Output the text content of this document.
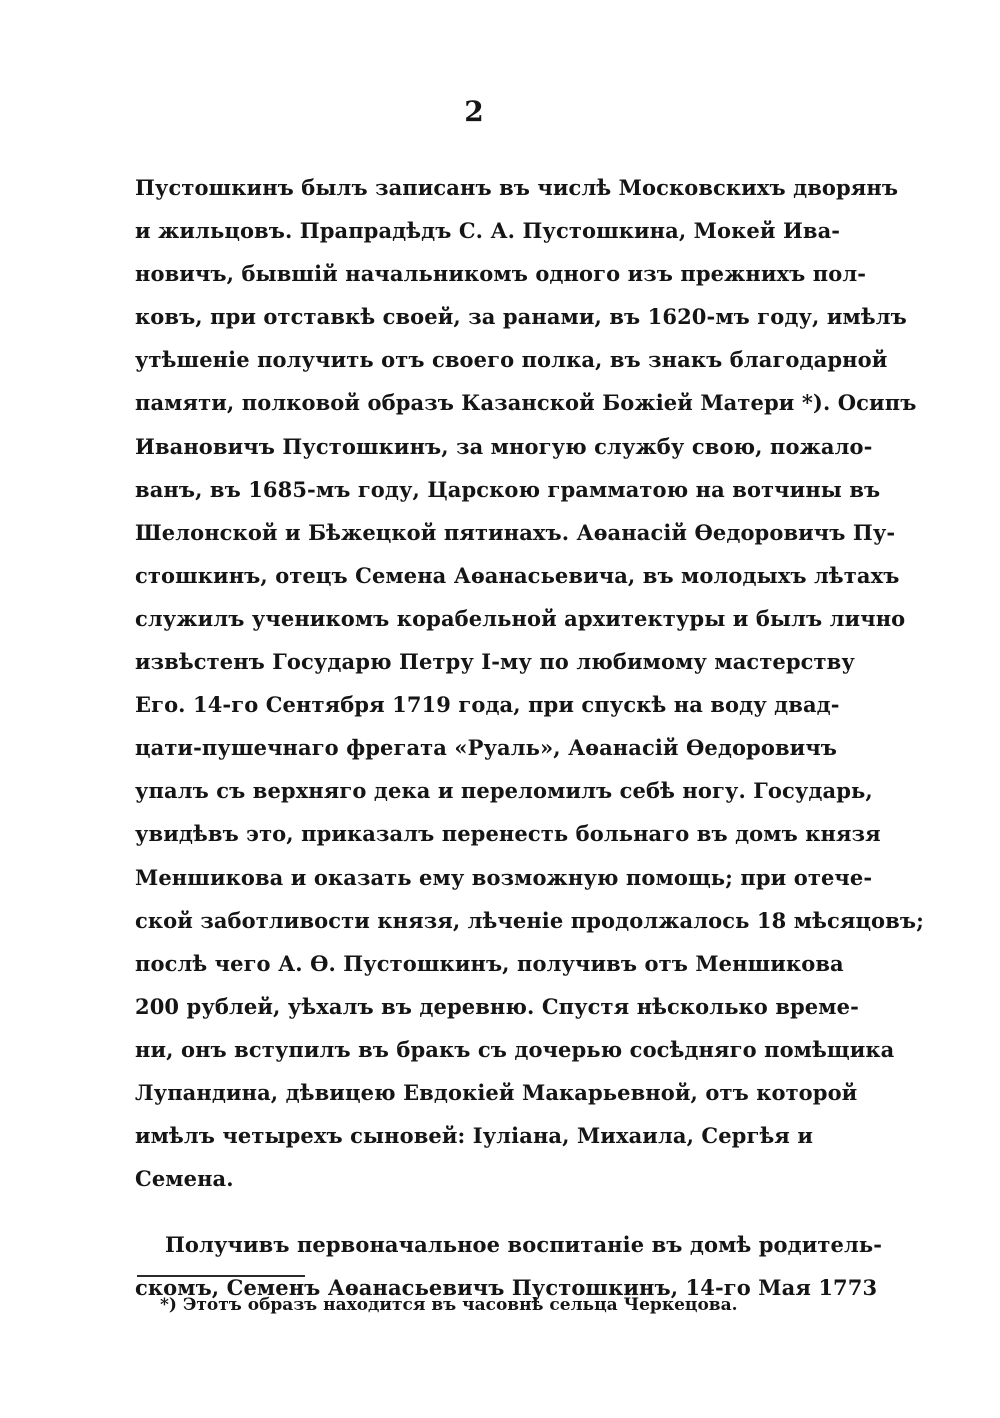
2
Пустошкинъ былъ записанъ въ числѣ Московскихъ дворянъ
и жильцовъ. Прапрадѣдъ С. А. Пустошкина, Мокей Ива-
новичъ, бывшій начальникомъ одного изъ прежнихъ пол-
ковъ, при отставкѣ своей, за ранами, въ 1620-мъ году, имѣлъ
утѣшеніе получить отъ своего полка, въ знакъ благодарной
памяти, полковой образъ Казанской Божіей Матери *). Осипъ
Ивановичъ Пустошкинъ, за многую службу свою, пожало-
ванъ, въ 1685-мъ году, Царскою грамматою на вотчины въ
Шелонской и Бѣжецкой пятинахъ. Аѳанасій Ѳедоровичъ Пу-
стошкинъ, отецъ Семена Аѳанасьевича, въ молодыхъ лѣтахъ
служилъ ученикомъ корабельной архитектуры и былъ лично
извѣстенъ Государю Петру I-му по любимому мастерству
Его. 14-го Сентября 1719 года, при спускѣ на воду двад-
цати-пушечнаго фрегата «Руаль», Аѳанасій Ѳедоровичъ
упалъ съ верхняго дека и переломилъ себѣ ногу. Государь,
увидѣвъ это, приказалъ перенесть больнаго въ домъ князя
Меншикова и оказать ему возможную помощь; при отече-
ской заботливости князя, лѣченіе продолжалось 18 мѣсяцовъ;
послѣ чего А. Ѳ. Пустошкинъ, получивъ отъ Меншикова
200 рублей, уѣхалъ въ деревню. Спустя нѣсколько време-
ни, онъ вступилъ въ бракъ съ дочерью сосѣдняго помѣщика
Лупандина, дѣвицею Евдокіей Макарьевной, отъ которой
имѣлъ четырехъ сыновей: Іуліана, Михаила, Сергѣя и
Семена.
Получивъ первоначальное воспитаніе въ домѣ родитель-
скомъ, Семенъ Аѳанасьевичъ Пустошкинъ, 14-го Мая 1773
*) Этотъ образъ находится въ часовнѣ сельца Черкецова.
